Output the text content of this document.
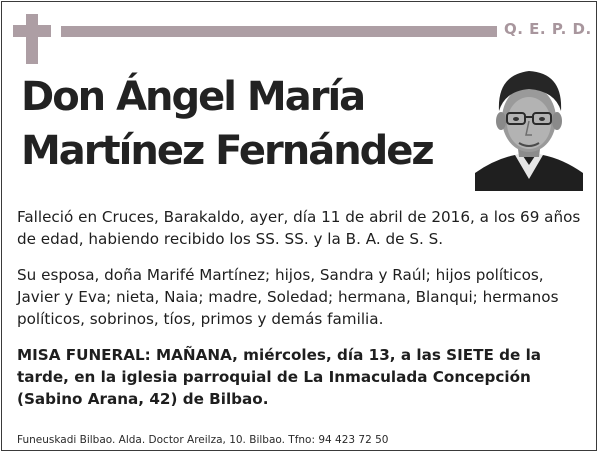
Q. E. P. D.
Don Ángel María
Martínez Fernández

Falleció en Cruces, Barakaldo, ayer, día 11 de abril de 2016, a los 69 años de edad, habiendo recibido los SS. SS. y la B. A. de S. S.

Su esposa, doña Marifé Martínez; hijos, Sandra y Raúl; hijos políticos, Javier y Eva; nieta, Naia; madre, Soledad; hermana, Blanqui; hermanos políticos, sobrinos, tíos, primos y demás familia.

MISA FUNERAL: MAÑANA, miércoles, día 13, a las SIETE de la tarde, en la iglesia parroquial de La Inmaculada Concepción (Sabino Arana, 42) de Bilbao.

Funeuskadi Bilbao. Alda. Doctor Areilza, 10. Bilbao. Tfno: 94 423 72 50
